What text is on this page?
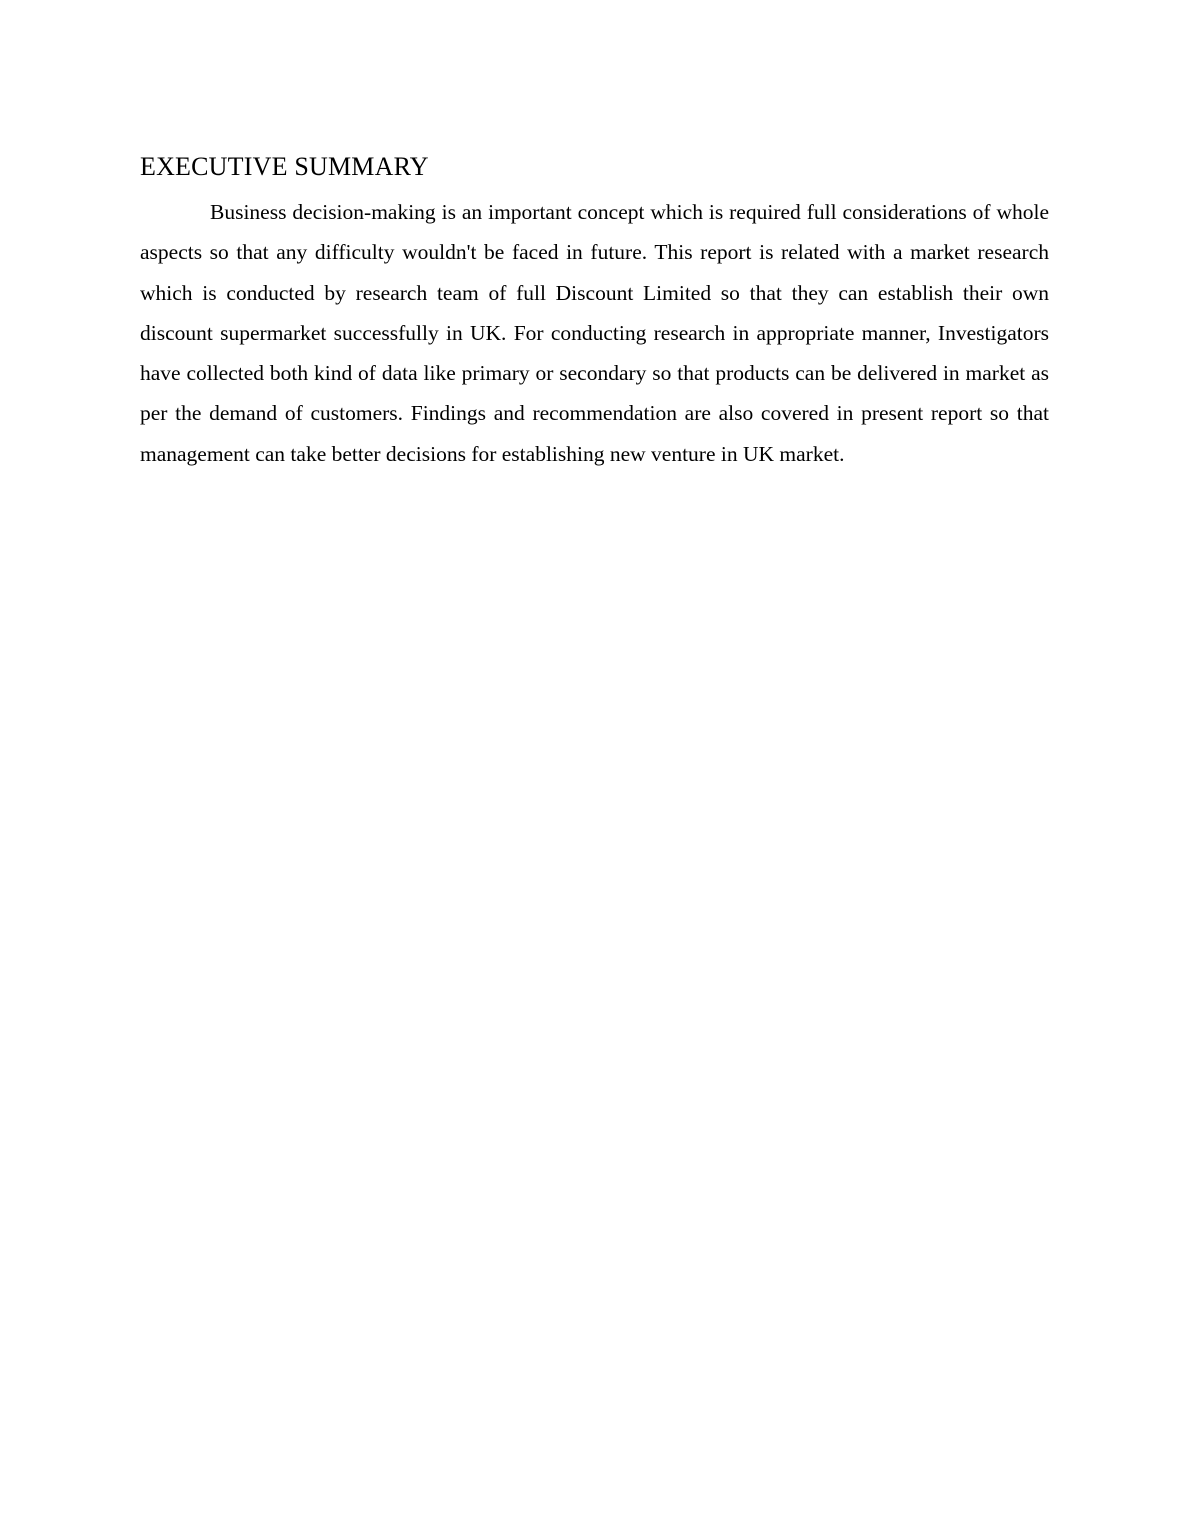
EXECUTIVE SUMMARY

Business decision-making is an important concept which is required full considerations of whole aspects so that any difficulty wouldn't be faced in future. This report is related with a market research which is conducted by research team of full Discount Limited so that they can establish their own discount supermarket successfully in UK. For conducting research in appropriate manner, Investigators have collected both kind of data like primary or secondary so that products can be delivered in market as per the demand of customers. Findings and recommendation are also covered in present report so that management can take better decisions for establishing new venture in UK market.
